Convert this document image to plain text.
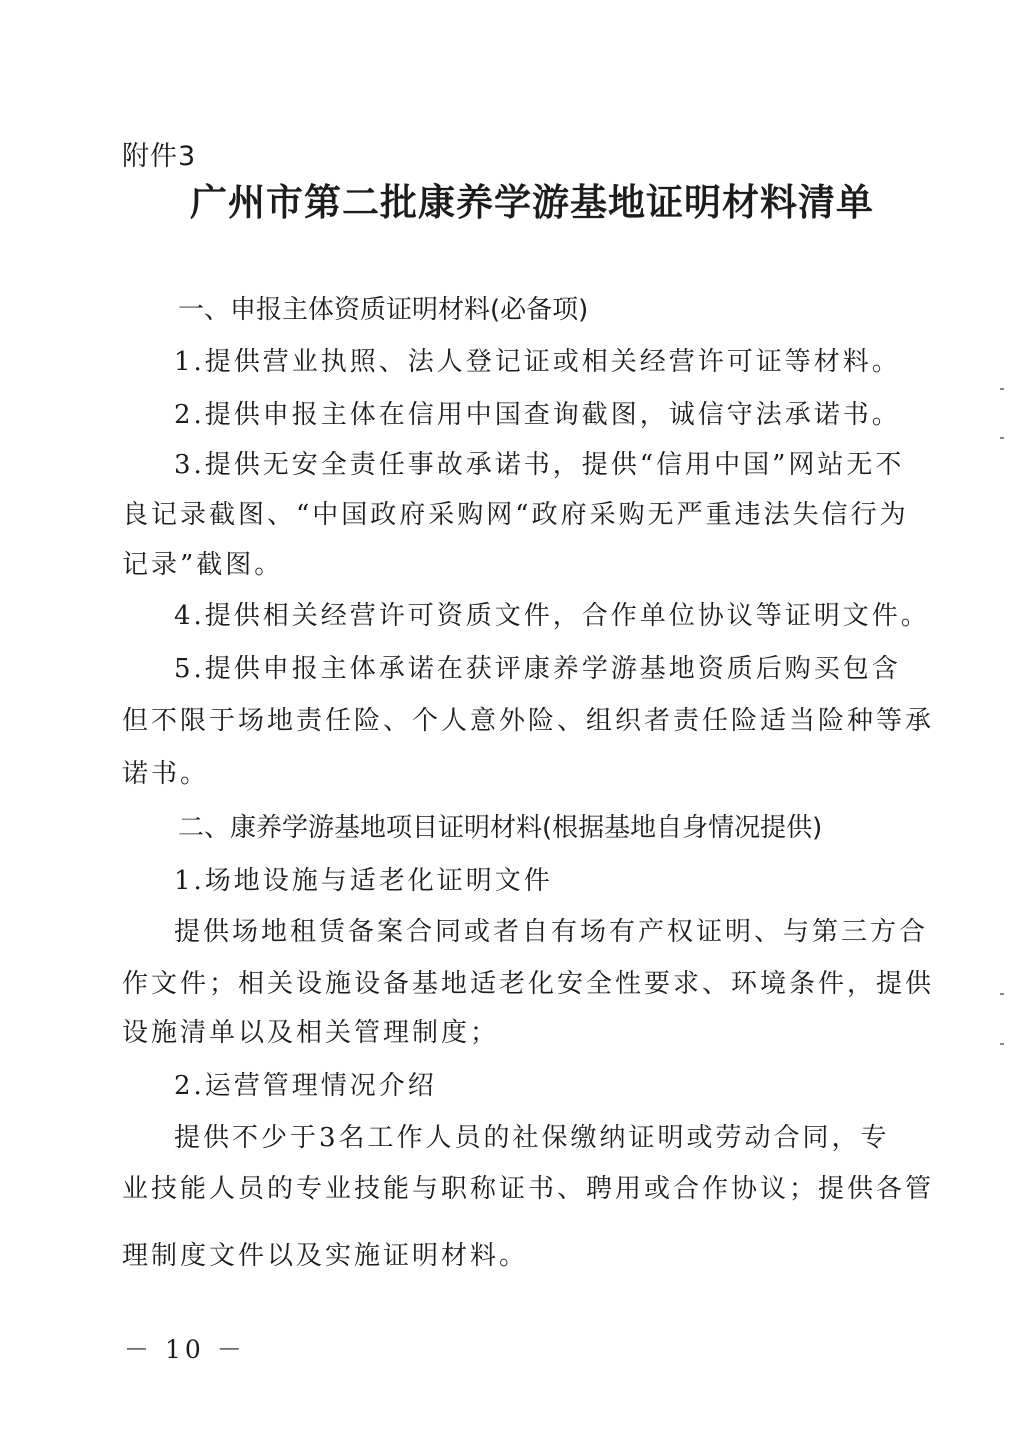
附件3
广州市第二批康养学游基地证明材料清单
一、申报主体资质证明材料(必备项)
1.提供营业执照、法人登记证或相关经营许可证等材料。
2.提供申报主体在信用中国查询截图，诚信守法承诺书。
3.提供无安全责任事故承诺书，提供“信用中国”网站无不
良记录截图、“中国政府采购网“政府采购无严重违法失信行为
记录”截图。
4.提供相关经营许可资质文件，合作单位协议等证明文件。
5.提供申报主体承诺在获评康养学游基地资质后购买包含
但不限于场地责任险、个人意外险、组织者责任险适当险种等承
诺书。
二、康养学游基地项目证明材料(根据基地自身情况提供)
1.场地设施与适老化证明文件
提供场地租赁备案合同或者自有场有产权证明、与第三方合
作文件；相关设施设备基地适老化安全性要求、环境条件，提供
设施清单以及相关管理制度；
2.运营管理情况介绍
提供不少于3名工作人员的社保缴纳证明或劳动合同，专
业技能人员的专业技能与职称证书、聘用或合作协议；提供各管
理制度文件以及实施证明材料。
－ 10 －
